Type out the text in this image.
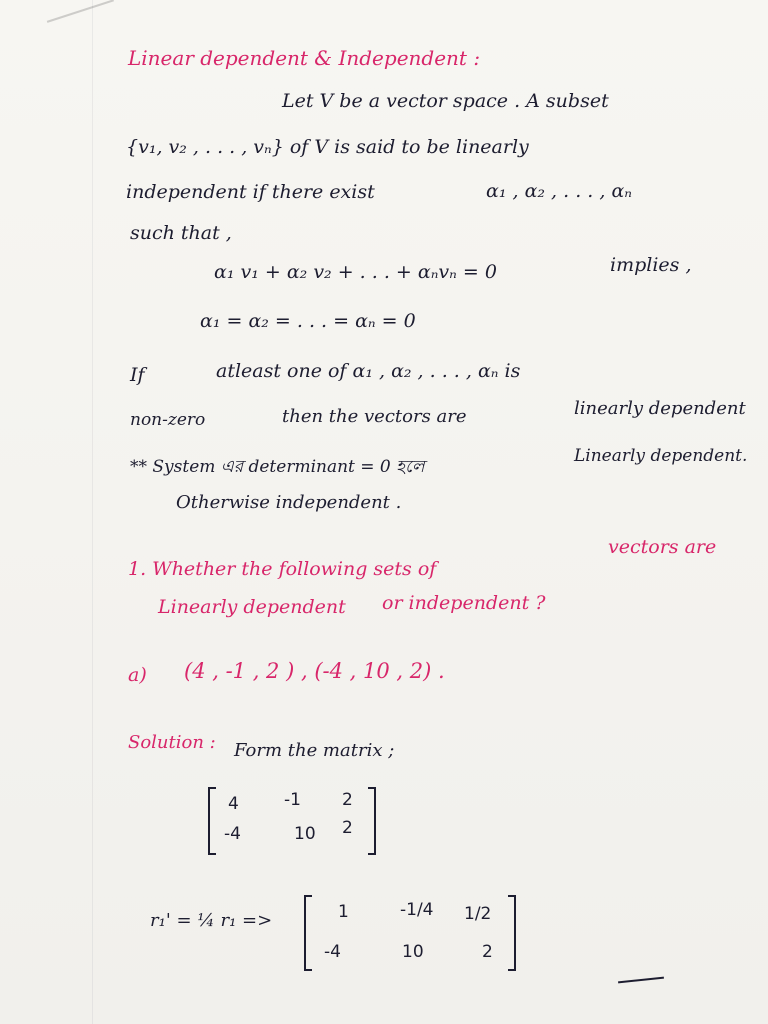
Linear dependent & Independent :
Let V be a vector space . A subset
{v₁, v₂ , . . . , vₙ} of V is said to be linearly
independent if there exist	α₁ , α₂ , . . . , αₙ
such that ,
α₁ v₁ + α₂ v₂ + . . . + αₙvₙ = 0	implies ,
α₁ = α₂ = . . . = αₙ = 0
If	atleast one of α₁ , α₂ , . . . , αₙ is
non-zero	then the vectors are	linearly dependent
** System এর determinant = 0 হলে
Linearly dependent.
Otherwise independent .
1. Whether the following sets of
vectors are
Linearly dependent or independent ?
a) (4 , -1 , 2 ) , (-4 , 10 , 2) .
Solution : Form the matrix ;
4	-1 2
-4	10 2
r₁' = ¼ r₁ =>	1	-1/4 1/2
-4	10	2
